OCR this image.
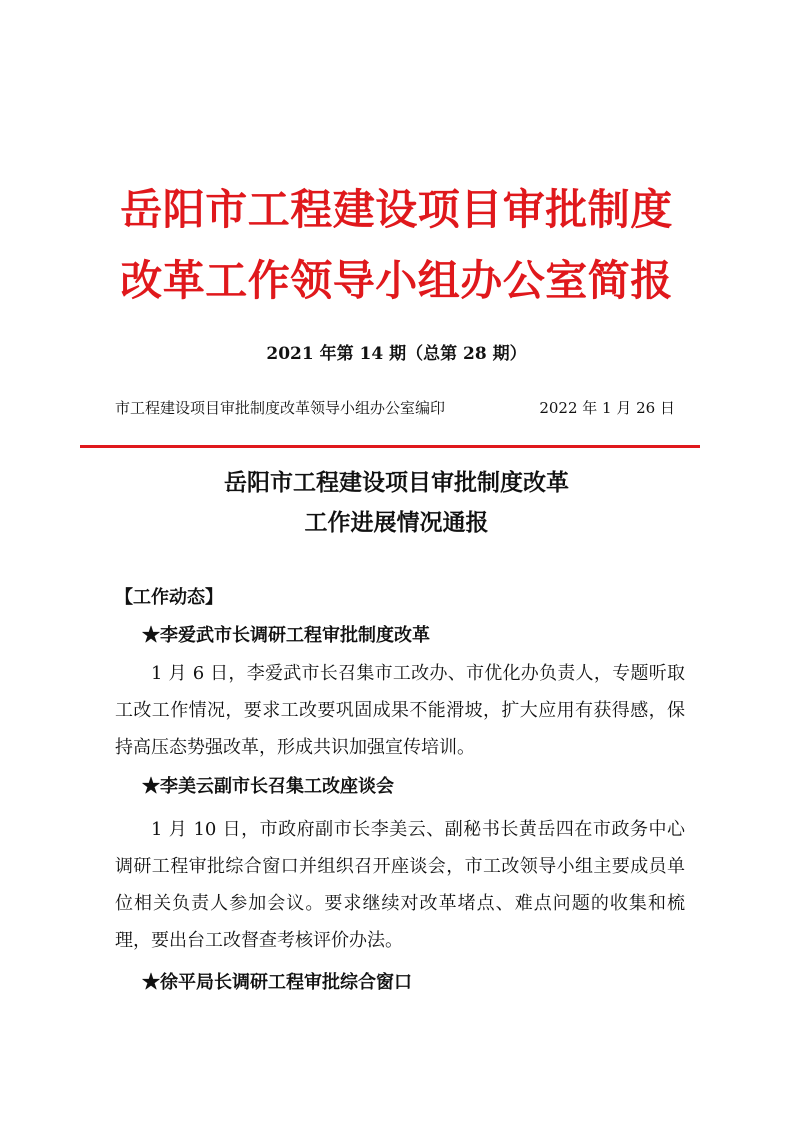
岳阳市工程建设项目审批制度
改革工作领导小组办公室简报
2021 年第 14 期（总第 28 期）
市工程建设项目审批制度改革领导小组办公室编印	2022 年 1 月 26 日
岳阳市工程建设项目审批制度改革
工作进展情况通报
【工作动态】
★李爱武市长调研工程审批制度改革
1 月 6 日，李爱武市长召集市工改办、市优化办负责人，专题听取工改工作情况，要求工改要巩固成果不能滑坡，扩大应用有获得感，保持高压态势强改革，形成共识加强宣传培训。
★李美云副市长召集工改座谈会
1 月 10 日，市政府副市长李美云、副秘书长黄岳四在市政务中心调研工程审批综合窗口并组织召开座谈会，市工改领导小组主要成员单位相关负责人参加会议。要求继续对改革堵点、难点问题的收集和梳理，要出台工改督查考核评价办法。
★徐平局长调研工程审批综合窗口
